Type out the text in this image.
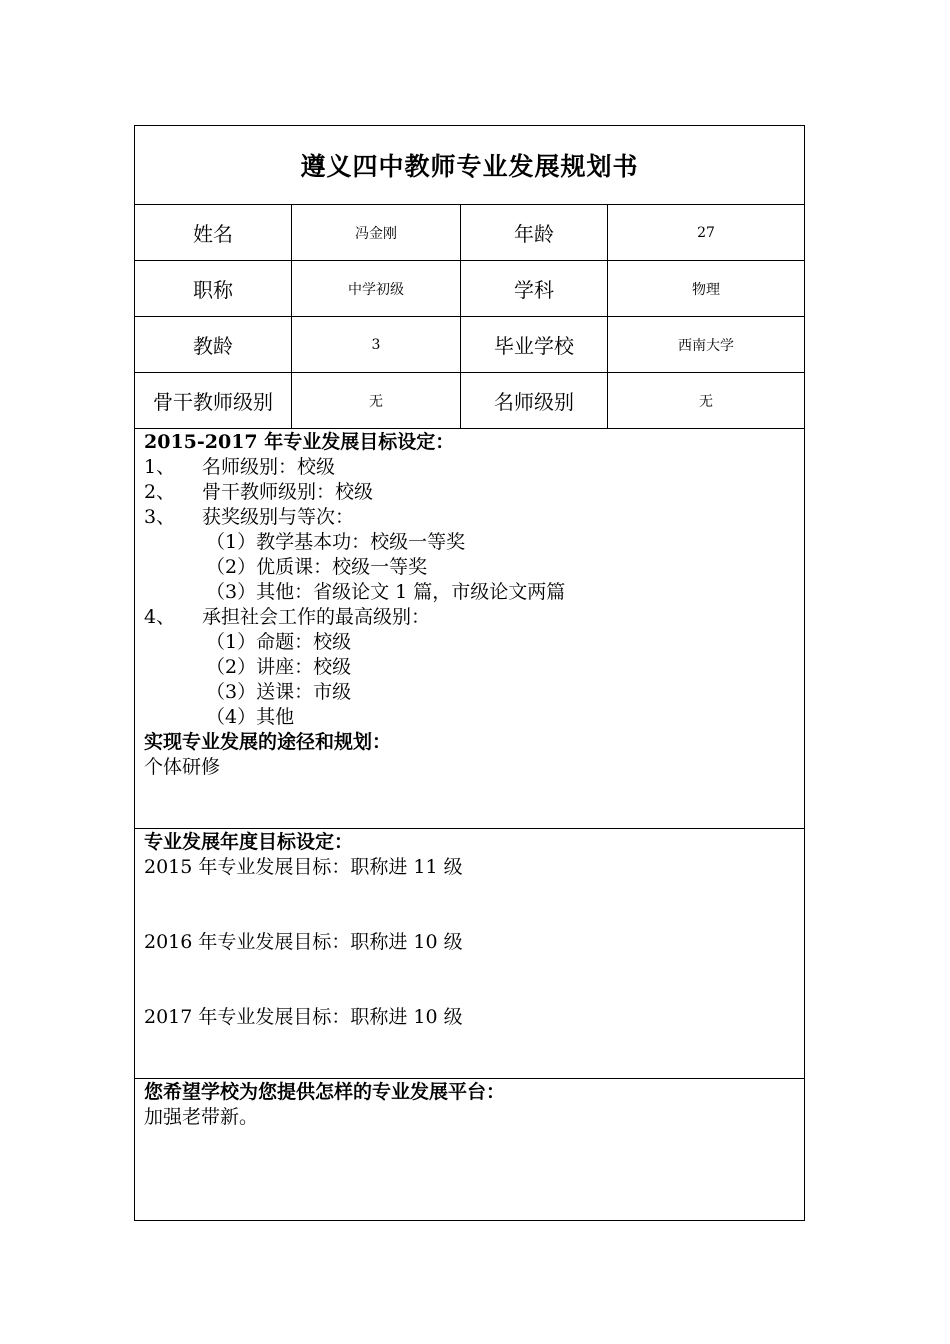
遵义四中教师专业发展规划书
姓名	冯金刚	年龄	27
职称	中学初级	学科	物理
教龄	3	毕业学校	西南大学
骨干教师级别	无	名师级别	无
2015-2017 年专业发展目标设定：
1、	名师级别：校级
2、	骨干教师级别：校级
3、	获奖级别与等次：
（1）教学基本功：校级一等奖
（2）优质课：校级一等奖
（3）其他：省级论文 1 篇，市级论文两篇
4、	承担社会工作的最高级别：
（1）命题：校级
（2）讲座：校级
（3）送课：市级
（4）其他
实现专业发展的途径和规划：
个体研修
专业发展年度目标设定：
2015 年专业发展目标：职称进 11 级
2016 年专业发展目标：职称进 10 级
2017 年专业发展目标：职称进 10 级
您希望学校为您提供怎样的专业发展平台：
加强老带新。
